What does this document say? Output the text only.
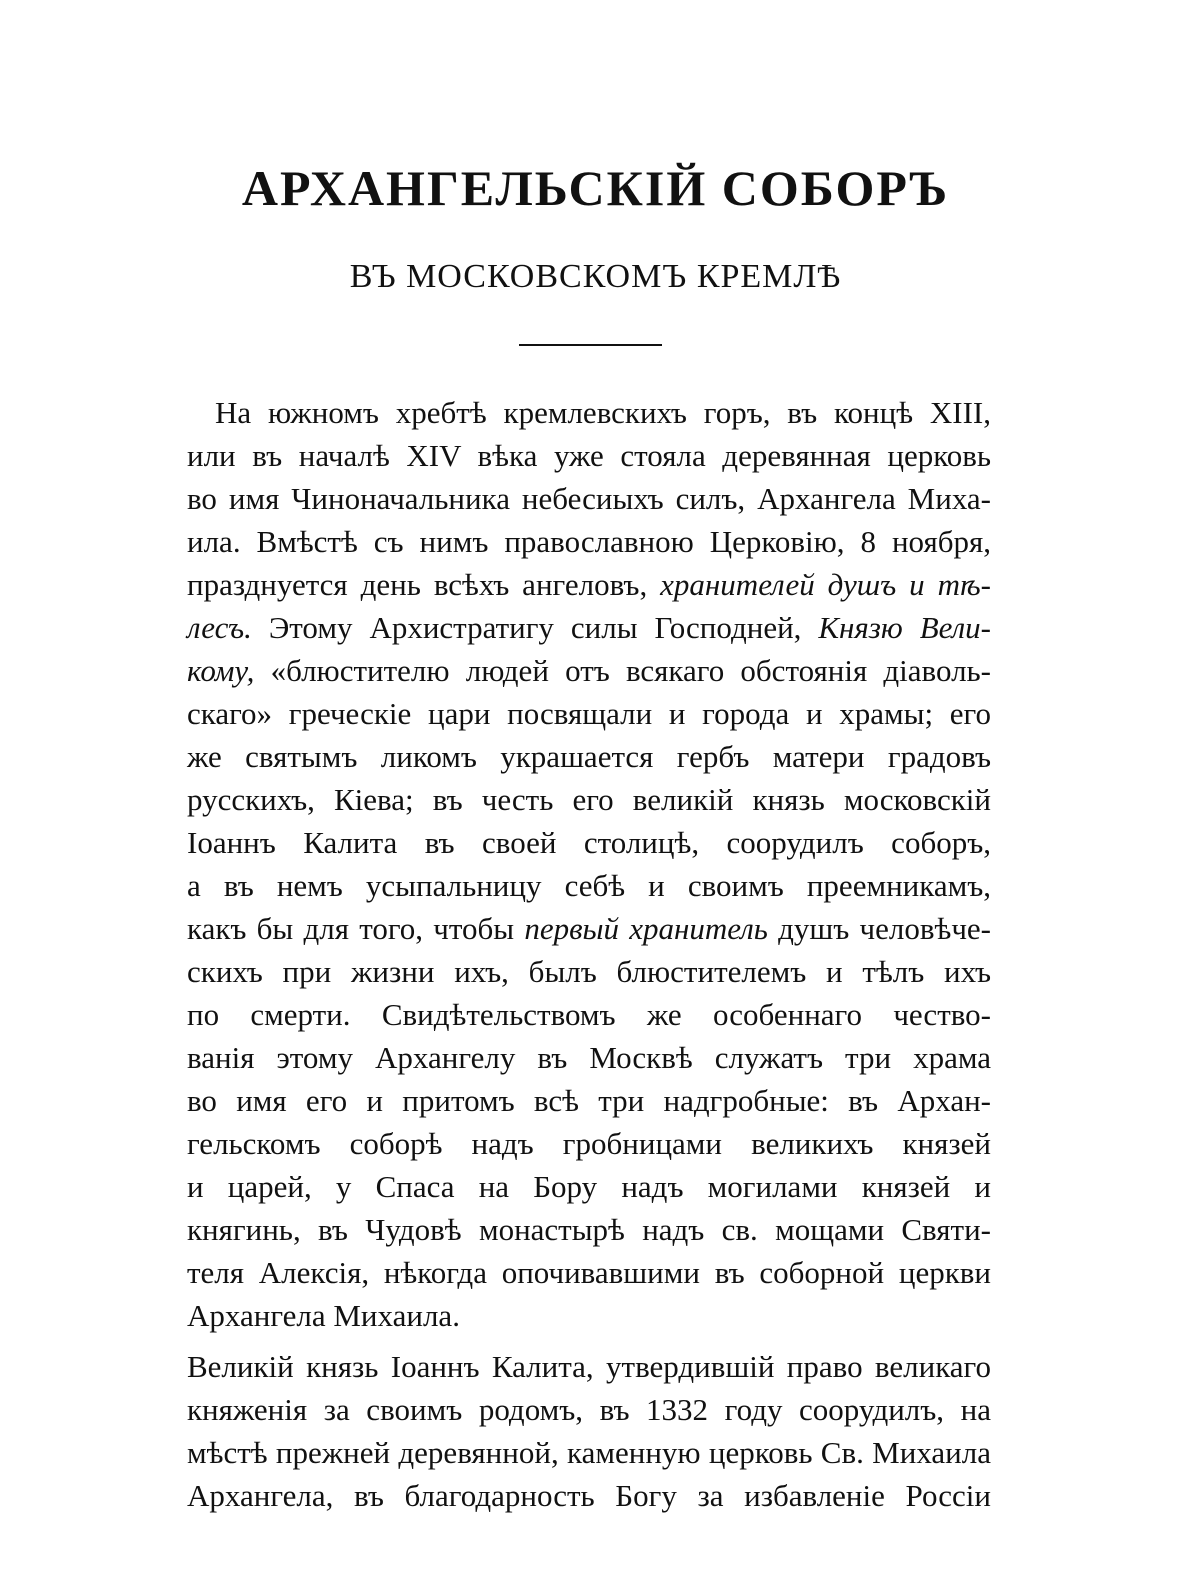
АРХАНГЕЛЬСКІЙ СОБОРЪ
ВЪ МОСКОВСКОМЪ КРЕМЛѢ
На южномъ хребтѣ кремлевскихъ горъ, въ концѣ XIII,
или въ началѣ XIV вѣка уже стояла деревянная церковь
во имя Чиноначальника небесиыхъ силъ, Архангела Миха-
ила. Вмѣстѣ съ нимъ православною Церковію, 8 ноября,
празднуется день всѣхъ ангеловъ, хранителей душъ и тѣ-
лесъ. Этому Архистратигу силы Господней, Князю Вели-
кому, «блюстителю людей отъ всякаго обстоянія діаволь-
скаго» греческіе цари посвящали и города и храмы; его
же святымъ ликомъ украшается гербъ матери градовъ
русскихъ, Кіева; въ честь его великій князь московскій
Іоаннъ Калита въ своей столицѣ, соорудилъ соборъ,
а въ немъ усыпальницу себѣ и своимъ преемникамъ,
какъ бы для того, чтобы первый хранитель душъ человѣче-
скихъ при жизни ихъ, былъ блюстителемъ и тѣлъ ихъ
по смерти. Свидѣтельствомъ же особеннаго чество-
ванія этому Архангелу въ Москвѣ служатъ три храма
во имя его и притомъ всѣ три надгробные: въ Архан-
гельскомъ соборѣ надъ гробницами великихъ князей
и царей, у Спаса на Бору надъ могилами князей и
княгинь, въ Чудовѣ монастырѣ надъ св. мощами Святи-
теля Алексія, нѣкогда опочивавшими въ соборной церкви
Архангела Михаила.
Великій князь Іоаннъ Калита, утвердившій право великаго
княженія за своимъ родомъ, въ 1332 году соорудилъ, на
мѣстѣ прежней деревянной, каменную церковь Св. Михаила
Архангела, въ благодарность Богу за избавленіе Россіи
